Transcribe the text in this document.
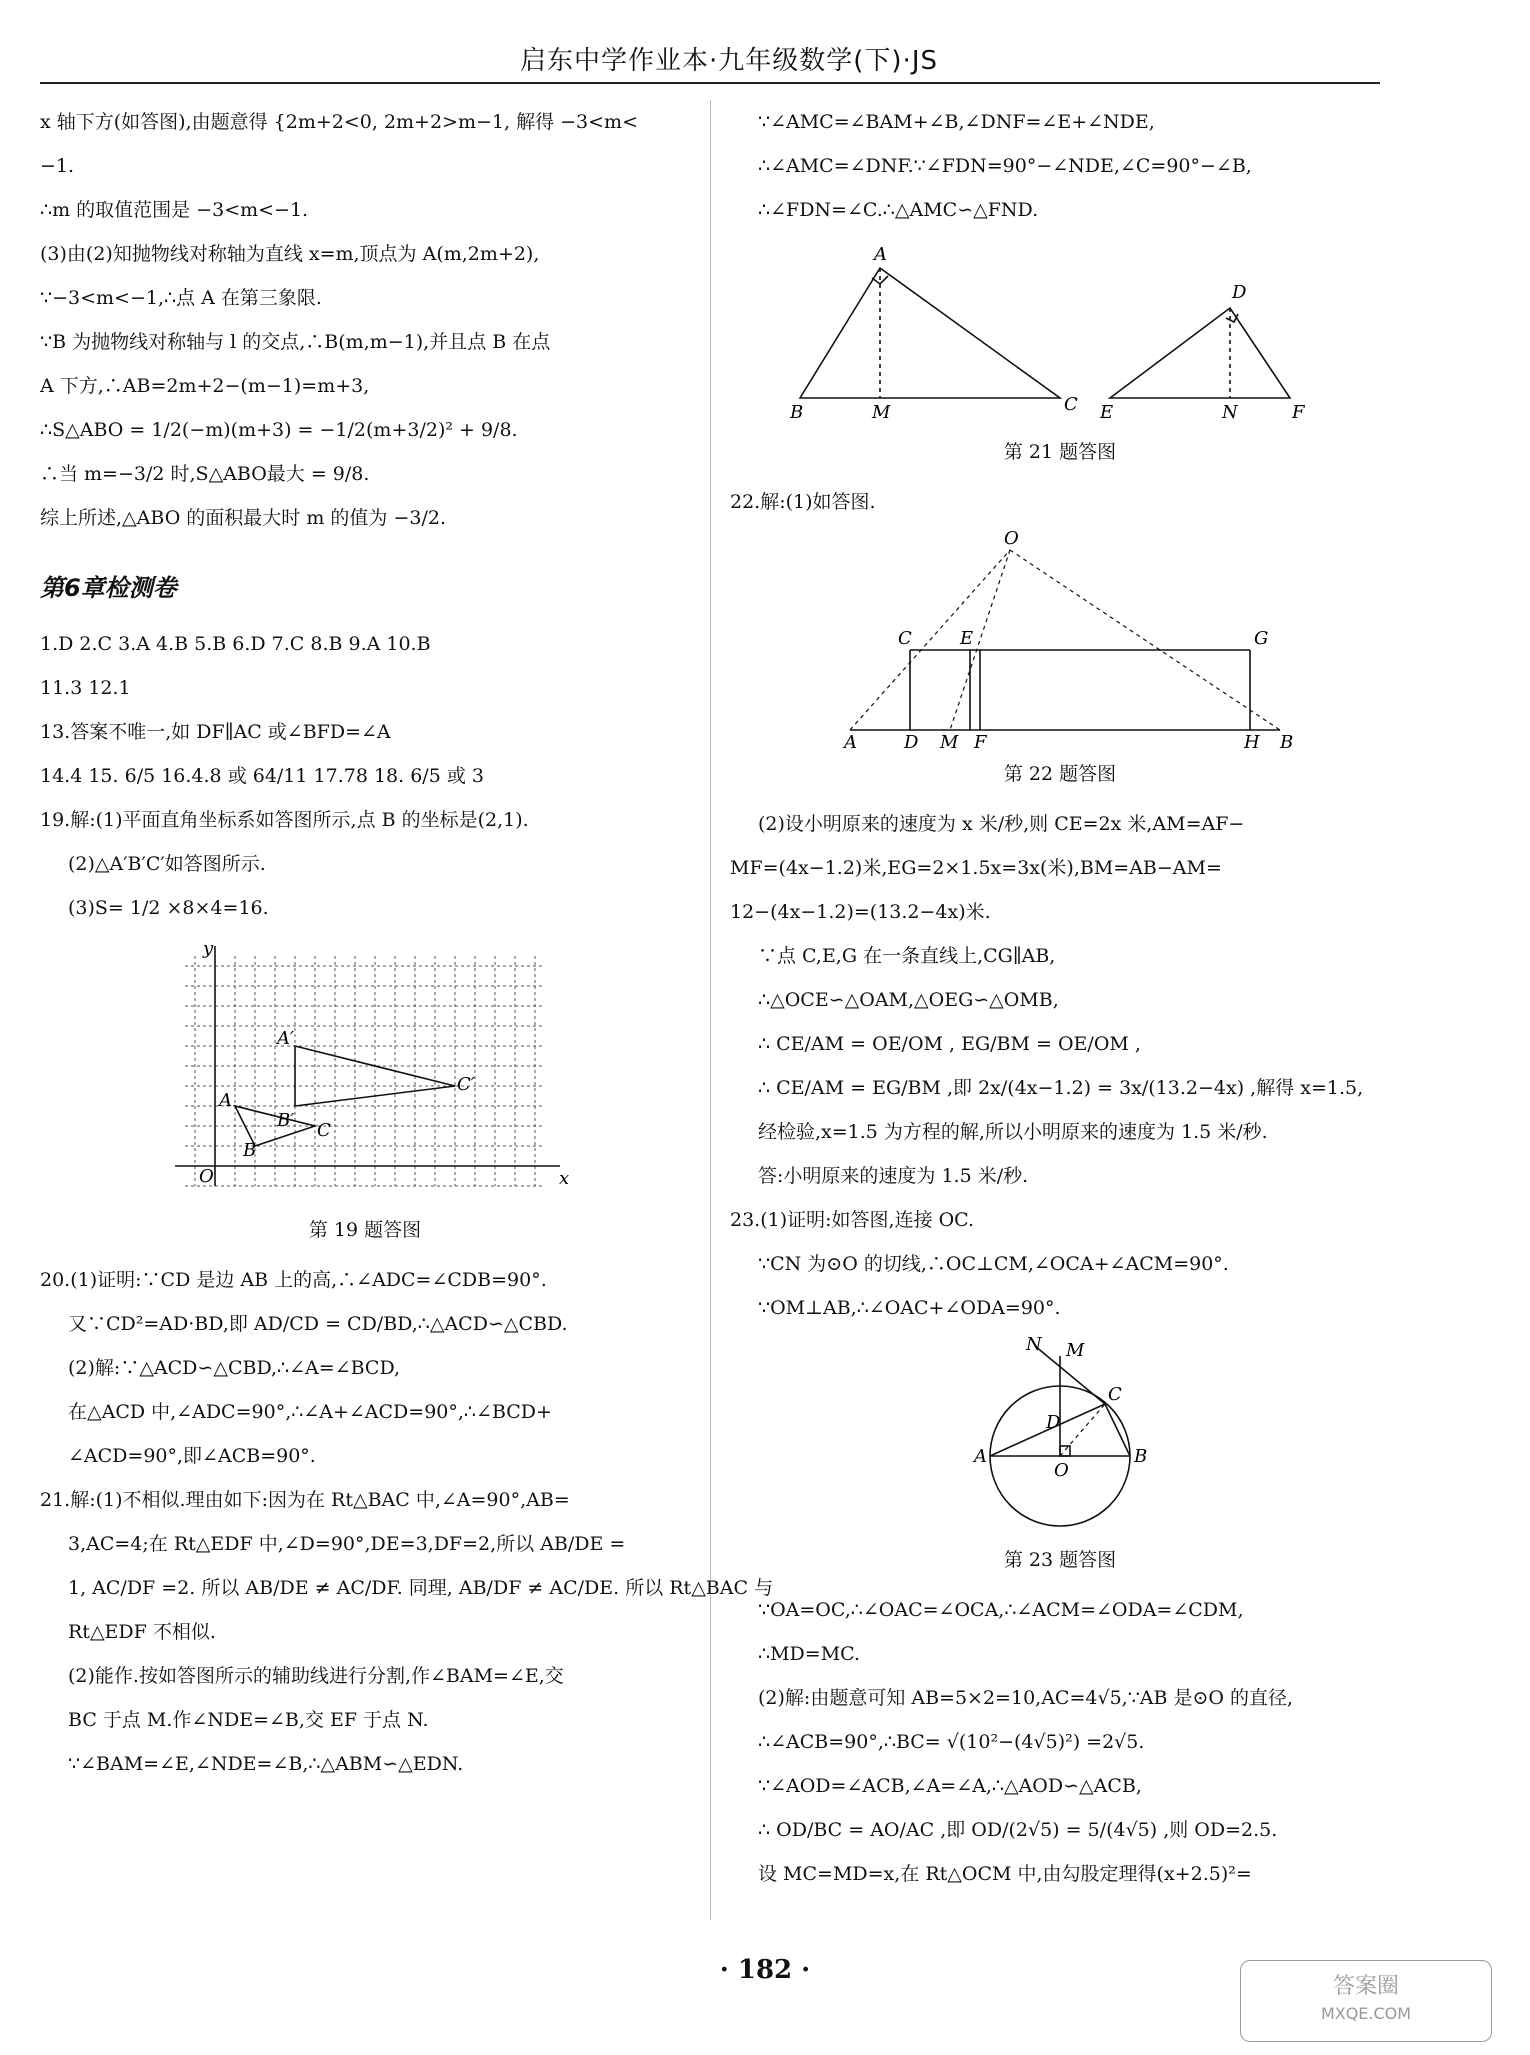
启东中学作业本·九年级数学(下)·JS

x 轴下方(如答图),由题意得 {2m+2<0, 2m+2>m−1, 解得 −3<m<

−1.

∴m 的取值范围是 −3<m<−1.

(3)由(2)知抛物线对称轴为直线 x=m,顶点为 A(m,2m+2),

∵−3<m<−1,∴点 A 在第三象限.

∵B 为抛物线对称轴与 l 的交点,∴B(m,m−1),并且点 B 在点

A 下方,∴AB=2m+2−(m−1)=m+3,

∴S△ABO = 1/2(−m)(m+3) = −1/2(m+3/2)² + 9/8.

∴当 m=−3/2 时,S△ABO最大 = 9/8.

综上所述,△ABO 的面积最大时 m 的值为 −3/2.

第6章检测卷

1.D 2.C 3.A 4.B 5.B 6.D 7.C 8.B 9.A 10.B

11.3 12.1

13.答案不唯一,如 DF∥AC 或∠BFD=∠A

14.4 15. 6/5 16.4.8 或 64/11 17.78 18. 6/5 或 3

19.解:(1)平面直角坐标系如答图所示,点 B 的坐标是(2,1).

(2)△A′B′C′如答图所示.

(3)S= 1/2 ×8×4=16.

y
x
O
A′
C′
B′
A
B
C
第 19 题答图

20.(1)证明:∵CD 是边 AB 上的高,∴∠ADC=∠CDB=90°.

又∵CD²=AD·BD,即 AD/CD = CD/BD,∴△ACD∽△CBD.

(2)解:∵△ACD∽△CBD,∴∠A=∠BCD,

在△ACD 中,∠ADC=90°,∴∠A+∠ACD=90°,∴∠BCD+

∠ACD=90°,即∠ACB=90°.

21.解:(1)不相似.理由如下:因为在 Rt△BAC 中,∠A=90°,AB=

3,AC=4;在 Rt△EDF 中,∠D=90°,DE=3,DF=2,所以 AB/DE =

1, AC/DF =2. 所以 AB/DE ≠ AC/DF. 同理, AB/DF ≠ AC/DE. 所以 Rt△BAC 与

Rt△EDF 不相似.

(2)能作.按如答图所示的辅助线进行分割,作∠BAM=∠E,交

BC 于点 M.作∠NDE=∠B,交 EF 于点 N.

∵∠BAM=∠E,∠NDE=∠B,∴△ABM∽△EDN.

∵∠AMC=∠BAM+∠B,∠DNF=∠E+∠NDE,

∴∠AMC=∠DNF.∵∠FDN=90°−∠NDE,∠C=90°−∠B,

∴∠FDN=∠C.∴△AMC∽△FND.

A
B	M	C
D
E	N	F
第 21 题答图

22.解:(1)如答图.

O
C	E	G
A	D M F	H B
第 22 题答图

(2)设小明原来的速度为 x 米/秒,则 CE=2x 米,AM=AF−

MF=(4x−1.2)米,EG=2×1.5x=3x(米),BM=AB−AM=

12−(4x−1.2)=(13.2−4x)米.

∵点 C,E,G 在一条直线上,CG∥AB,

∴△OCE∽△OAM,△OEG∽△OMB,

∴ CE/AM = OE/OM , EG/BM = OE/OM ,

∴ CE/AM = EG/BM ,即 2x/(4x−1.2) = 3x/(13.2−4x) ,解得 x=1.5,

经检验,x=1.5 为方程的解,所以小明原来的速度为 1.5 米/秒.

答:小明原来的速度为 1.5 米/秒.

23.(1)证明:如答图,连接 OC.

∵CN 为⊙O 的切线,∴OC⊥CM,∠OCA+∠ACM=90°.

∵OM⊥AB,∴∠OAC+∠ODA=90°.

N M
C
D
A	B
O
第 23 题答图

∵OA=OC,∴∠OAC=∠OCA,∴∠ACM=∠ODA=∠CDM,

∴MD=MC.

(2)解:由题意可知 AB=5×2=10,AC=4√5,∵AB 是⊙O 的直径,

∴∠ACB=90°,∴BC= √(10²−(4√5)²) =2√5.

∵∠AOD=∠ACB,∠A=∠A,∴△AOD∽△ACB,

∴ OD/BC = AO/AC ,即 OD/(2√5) = 5/(4√5) ,则 OD=2.5.

设 MC=MD=x,在 Rt△OCM 中,由勾股定理得(x+2.5)²=

· 182 ·
答案圈
MXQE.COM
